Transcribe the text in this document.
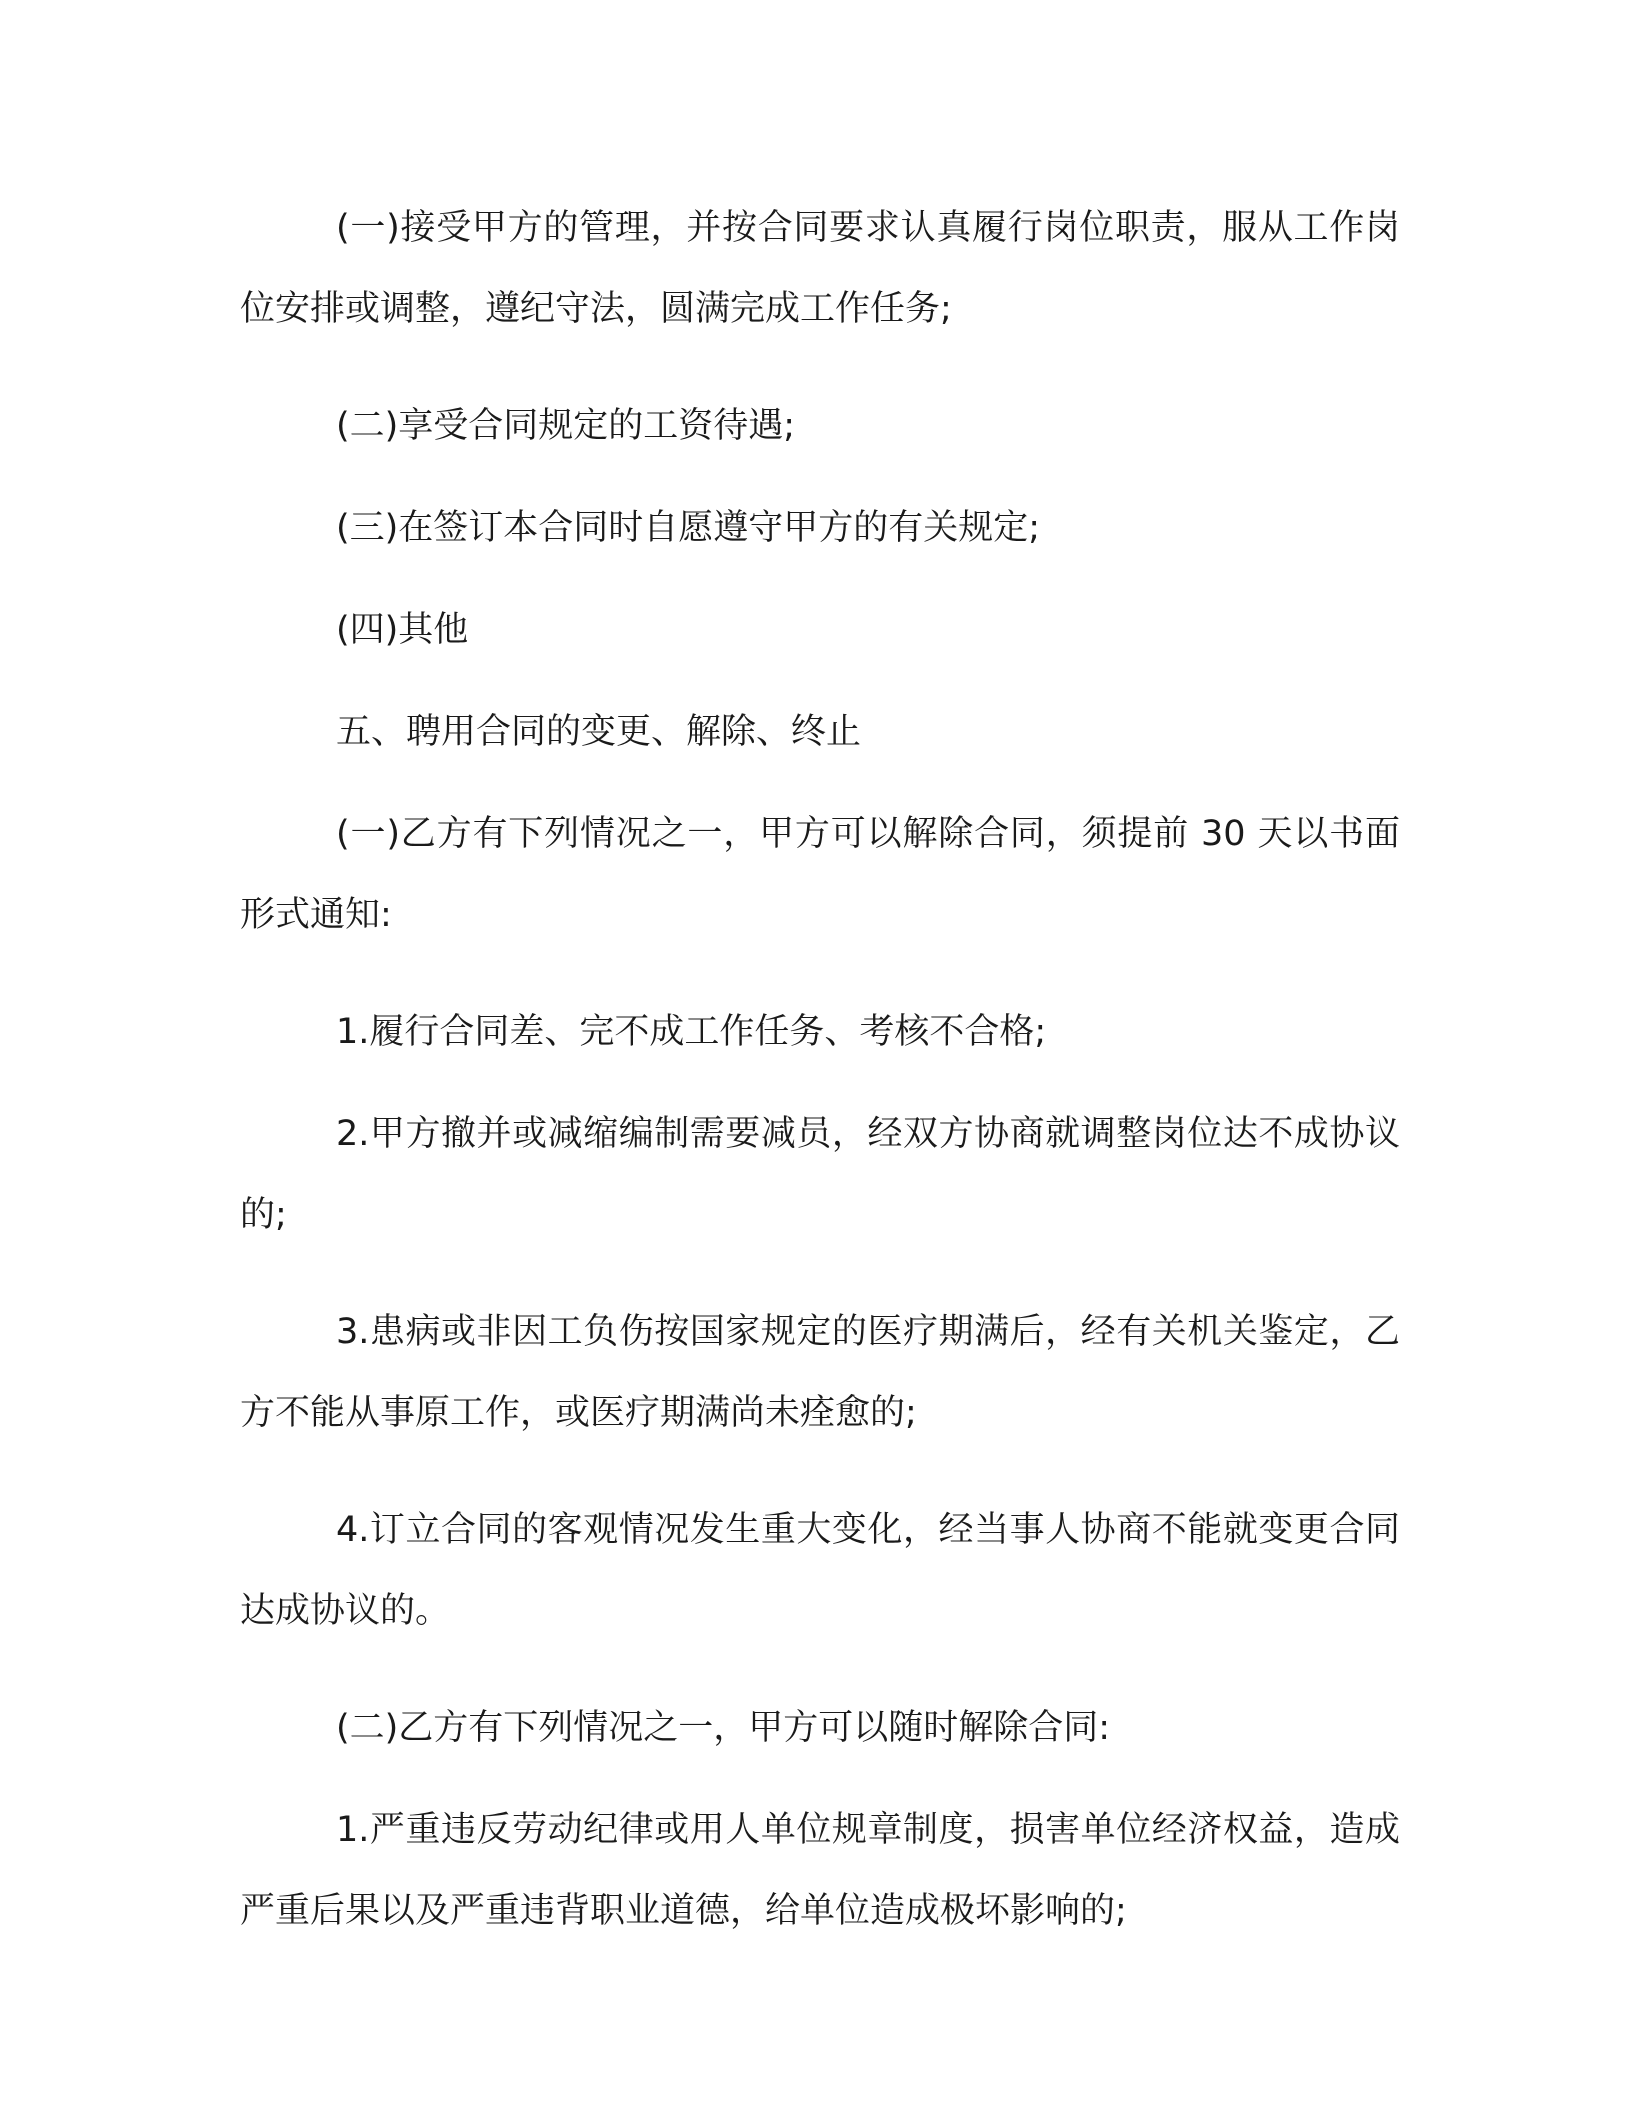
(一)接受甲方的管理，并按合同要求认真履行岗位职责，服从工作岗位安排或调整，遵纪守法，圆满完成工作任务;

(二)享受合同规定的工资待遇;

(三)在签订本合同时自愿遵守甲方的有关规定;

(四)其他

五、聘用合同的变更、解除、终止

(一)乙方有下列情况之一，甲方可以解除合同，须提前 30 天以书面形式通知:

1.履行合同差、完不成工作任务、考核不合格;

2.甲方撤并或减缩编制需要减员，经双方协商就调整岗位达不成协议的;

3.患病或非因工负伤按国家规定的医疗期满后，经有关机关鉴定，乙方不能从事原工作，或医疗期满尚未痊愈的;

4.订立合同的客观情况发生重大变化，经当事人协商不能就变更合同达成协议的。

(二)乙方有下列情况之一，甲方可以随时解除合同:

1.严重违反劳动纪律或用人单位规章制度，损害单位经济权益，造成严重后果以及严重违背职业道德，给单位造成极坏影响的;
